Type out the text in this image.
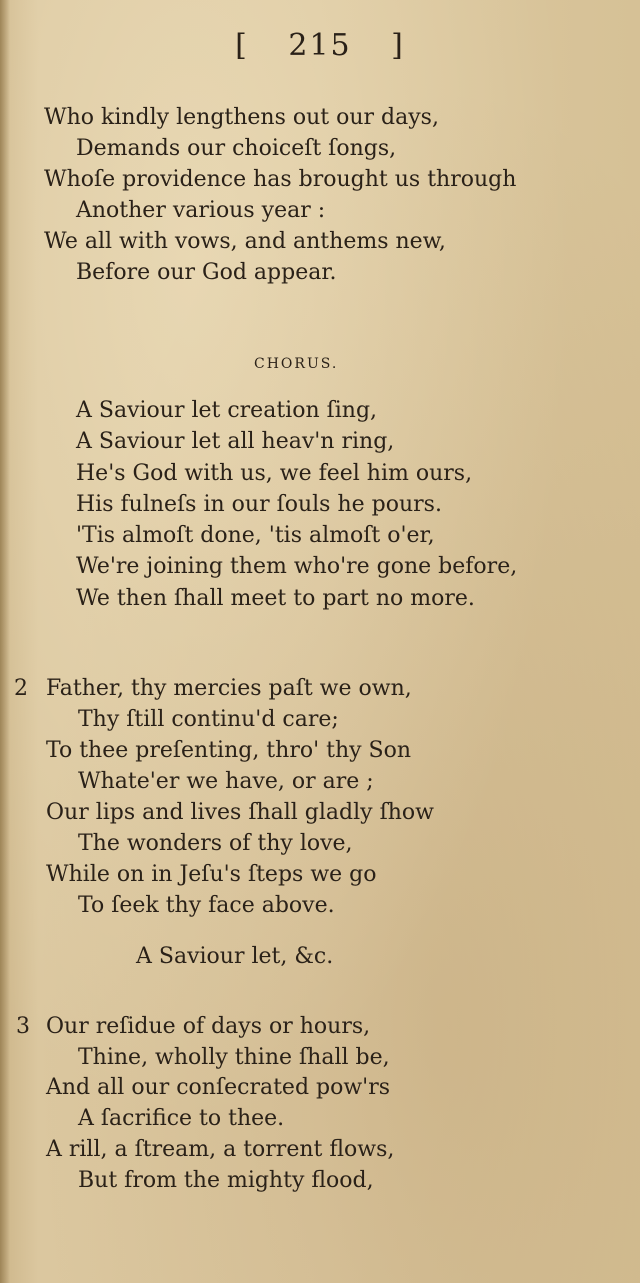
[ 215 ]
Who kindly lengthens out our days,
Demands our choiceſt ſongs,
Whoſe providence has brought us through
Another various year :
We all with vows, and anthems new,
Before our God appear.
CHORUS.
A Saviour let creation ſing,
A Saviour let all heav'n ring,
He's God with us, we feel him ours,
His fulneſs in our ſouls he pours.
'Tis almoſt done, 'tis almoſt o'er,
We're joining them who're gone before,
We then ſhall meet to part no more.
2 Father, thy mercies paſt we own,
Thy ſtill continu'd care;
To thee preſenting, thro' thy Son
Whate'er we have, or are ;
Our lips and lives ſhall gladly ſhow
The wonders of thy love,
While on in Jeſu's ſteps we go
To ſeek thy face above.
A Saviour let, &c.
3 Our reſidue of days or hours,
Thine, wholly thine ſhall be,
And all our conſecrated pow'rs
A ſacrifice to thee.
A rill, a ſtream, a torrent flows,
But from the mighty flood,
